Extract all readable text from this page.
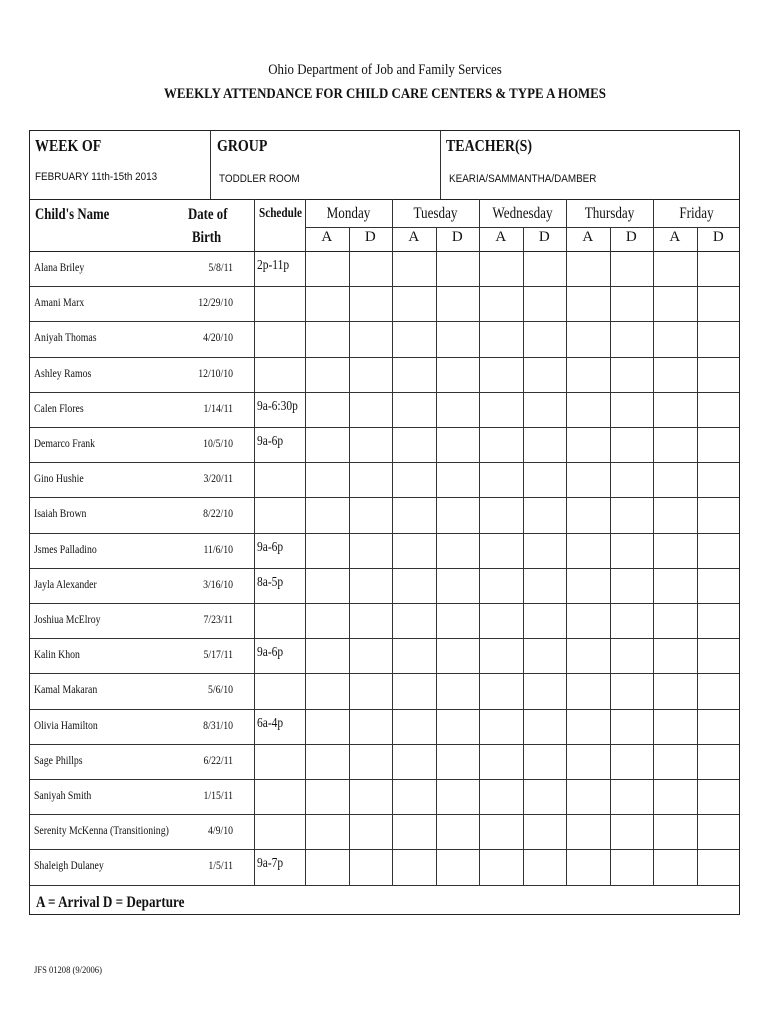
Ohio Department of Job and Family Services
WEEKLY ATTENDANCE FOR CHILD CARE CENTERS & TYPE A HOMES
WEEK OF	GROUP	TEACHER(S)
FEBRUARY 11th-15th 2013	TODDLER ROOM	KEARIA/SAMMANTHA/DAMBER
Child's Name	Date of
Birth
Schedule	Monday
A	D
Tuesday
A	D
Wednesday
A	D
Thursday
A	D
Friday
A	D
Alana Briley	5/8/11 2p-11p
Amani Marx	12/29/10
Aniyah Thomas	4/20/10
Ashley Ramos	12/10/10
Calen Flores	1/14/11 9a-6:30p
Demarco Frank	10/5/10 9a-6p
Gino Hushie	3/20/11
Isaiah Brown	8/22/10
Jsmes Palladino	11/6/10 9a-6p
Jayla Alexander	3/16/10 8a-5p
Joshiua McElroy	7/23/11
Kalin Khon	5/17/11 9a-6p
Kamal Makaran	5/6/10
Olivia Hamilton	8/31/10 6a-4p
Sage Phillps	6/22/11
Saniyah Smith	1/15/11
Serenity McKenna (Transitioning)	4/9/10
Shaleigh Dulaney	1/5/11 9a-7p
A = Arrival D = Departure
JFS 01208 (9/2006)
